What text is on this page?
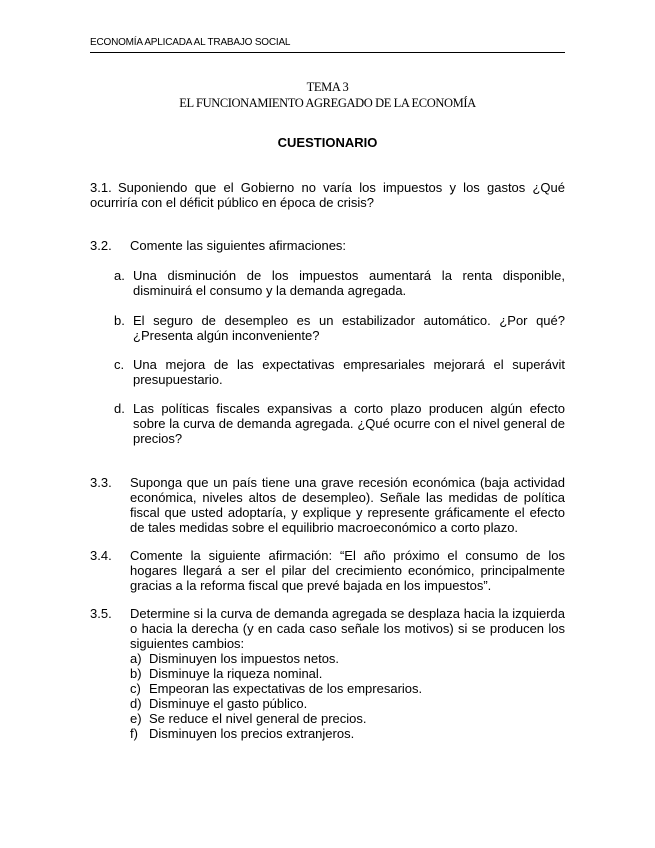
ECONOMÍA APLICADA AL TRABAJO SOCIAL
TEMA 3
EL FUNCIONAMIENTO AGREGADO DE LA ECONOMÍA
CUESTIONARIO
3.1. Suponiendo que el Gobierno no varía los impuestos y los gastos ¿Qué ocurriría con el déficit público en época de crisis?
3.2. Comente las siguientes afirmaciones:
a. Una disminución de los impuestos aumentará la renta disponible, disminuirá el consumo y la demanda agregada.
b. El seguro de desempleo es un estabilizador automático. ¿Por qué? ¿Presenta algún inconveniente?
c. Una mejora de las expectativas empresariales mejorará el superávit presupuestario.
d. Las políticas fiscales expansivas a corto plazo producen algún efecto sobre la curva de demanda agregada. ¿Qué ocurre con el nivel general de precios?
3.3. Suponga que un país tiene una grave recesión económica (baja actividad económica, niveles altos de desempleo). Señale las medidas de política fiscal que usted adoptaría, y explique y represente gráficamente el efecto de tales medidas sobre el equilibrio macroeconómico a corto plazo.
3.4. Comente la siguiente afirmación: “El año próximo el consumo de los hogares llegará a ser el pilar del crecimiento económico, principalmente gracias a la reforma fiscal que prevé bajada en los impuestos”.
3.5. Determine si la curva de demanda agregada se desplaza hacia la izquierda o hacia la derecha (y en cada caso señale los motivos) si se producen los siguientes cambios:
a) Disminuyen los impuestos netos.
b) Disminuye la riqueza nominal.
c) Empeoran las expectativas de los empresarios.
d) Disminuye el gasto público.
e) Se reduce el nivel general de precios.
f) Disminuyen los precios extranjeros.
